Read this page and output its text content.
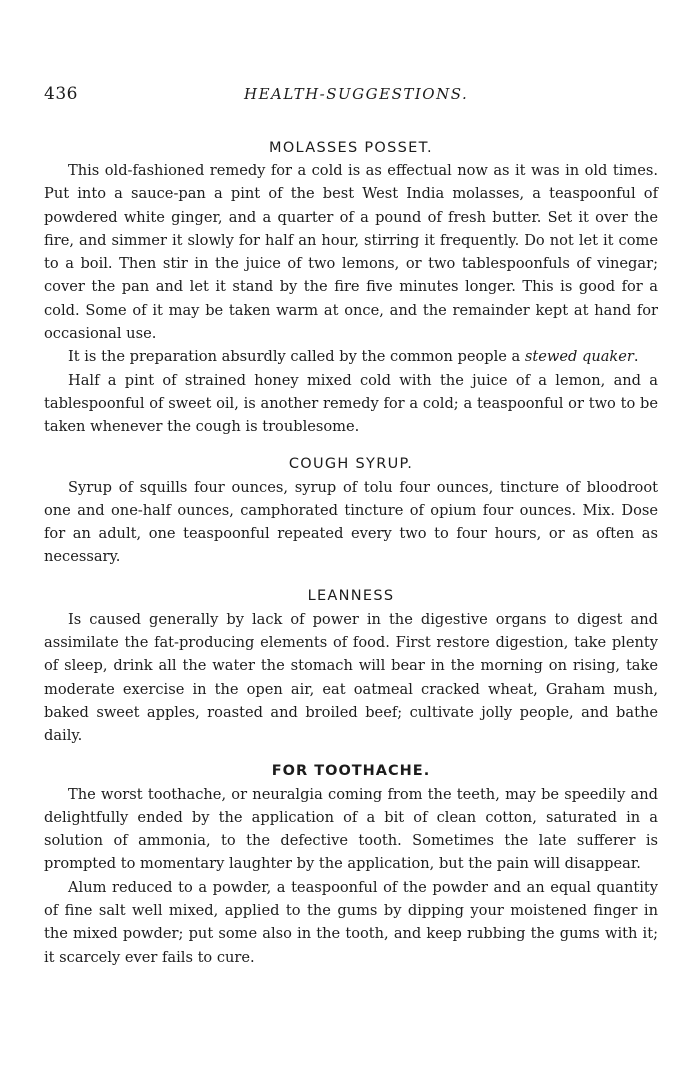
436	HEALTH-SUGGESTIONS.
MOLASSES POSSET.

This old-fashioned remedy for a cold is as effectual now as it was in old times. Put into a sauce-pan a pint of the best West India molasses, a teaspoonful of powdered white ginger, and a quarter of a pound of fresh butter. Set it over the fire, and simmer it slowly for half an hour, stirring it frequently. Do not let it come to a boil. Then stir in the juice of two lemons, or two tablespoonfuls of vinegar; cover the pan and let it stand by the fire five minutes longer. This is good for a cold. Some of it may be taken warm at once, and the remainder kept at hand for occasional use.

It is the preparation absurdly called by the common people a stewed quaker.

Half a pint of strained honey mixed cold with the juice of a lemon, and a tablespoonful of sweet oil, is another remedy for a cold; a teaspoonful or two to be taken whenever the cough is troublesome.

COUGH SYRUP.

Syrup of squills four ounces, syrup of tolu four ounces, tincture of bloodroot one and one-half ounces, camphorated tincture of opium four ounces. Mix. Dose for an adult, one teaspoonful repeated every two to four hours, or as often as necessary.

LEANNESS

Is caused generally by lack of power in the digestive organs to digest and assimilate the fat-producing elements of food. First restore digestion, take plenty of sleep, drink all the water the stomach will bear in the morning on rising, take moderate exercise in the open air, eat oatmeal cracked wheat, Graham mush, baked sweet apples, roasted and broiled beef; cultivate jolly people, and bathe daily.

FOR TOOTHACHE.

The worst toothache, or neuralgia coming from the teeth, may be speedily and delightfully ended by the application of a bit of clean cotton, saturated in a solution of ammonia, to the defective tooth. Sometimes the late sufferer is prompted to momentary laughter by the application, but the pain will disappear.

Alum reduced to a powder, a teaspoonful of the powder and an equal quantity of fine salt well mixed, applied to the gums by dipping your moistened finger in the mixed powder; put some also in the tooth, and keep rubbing the gums with it; it scarcely ever fails to cure.
